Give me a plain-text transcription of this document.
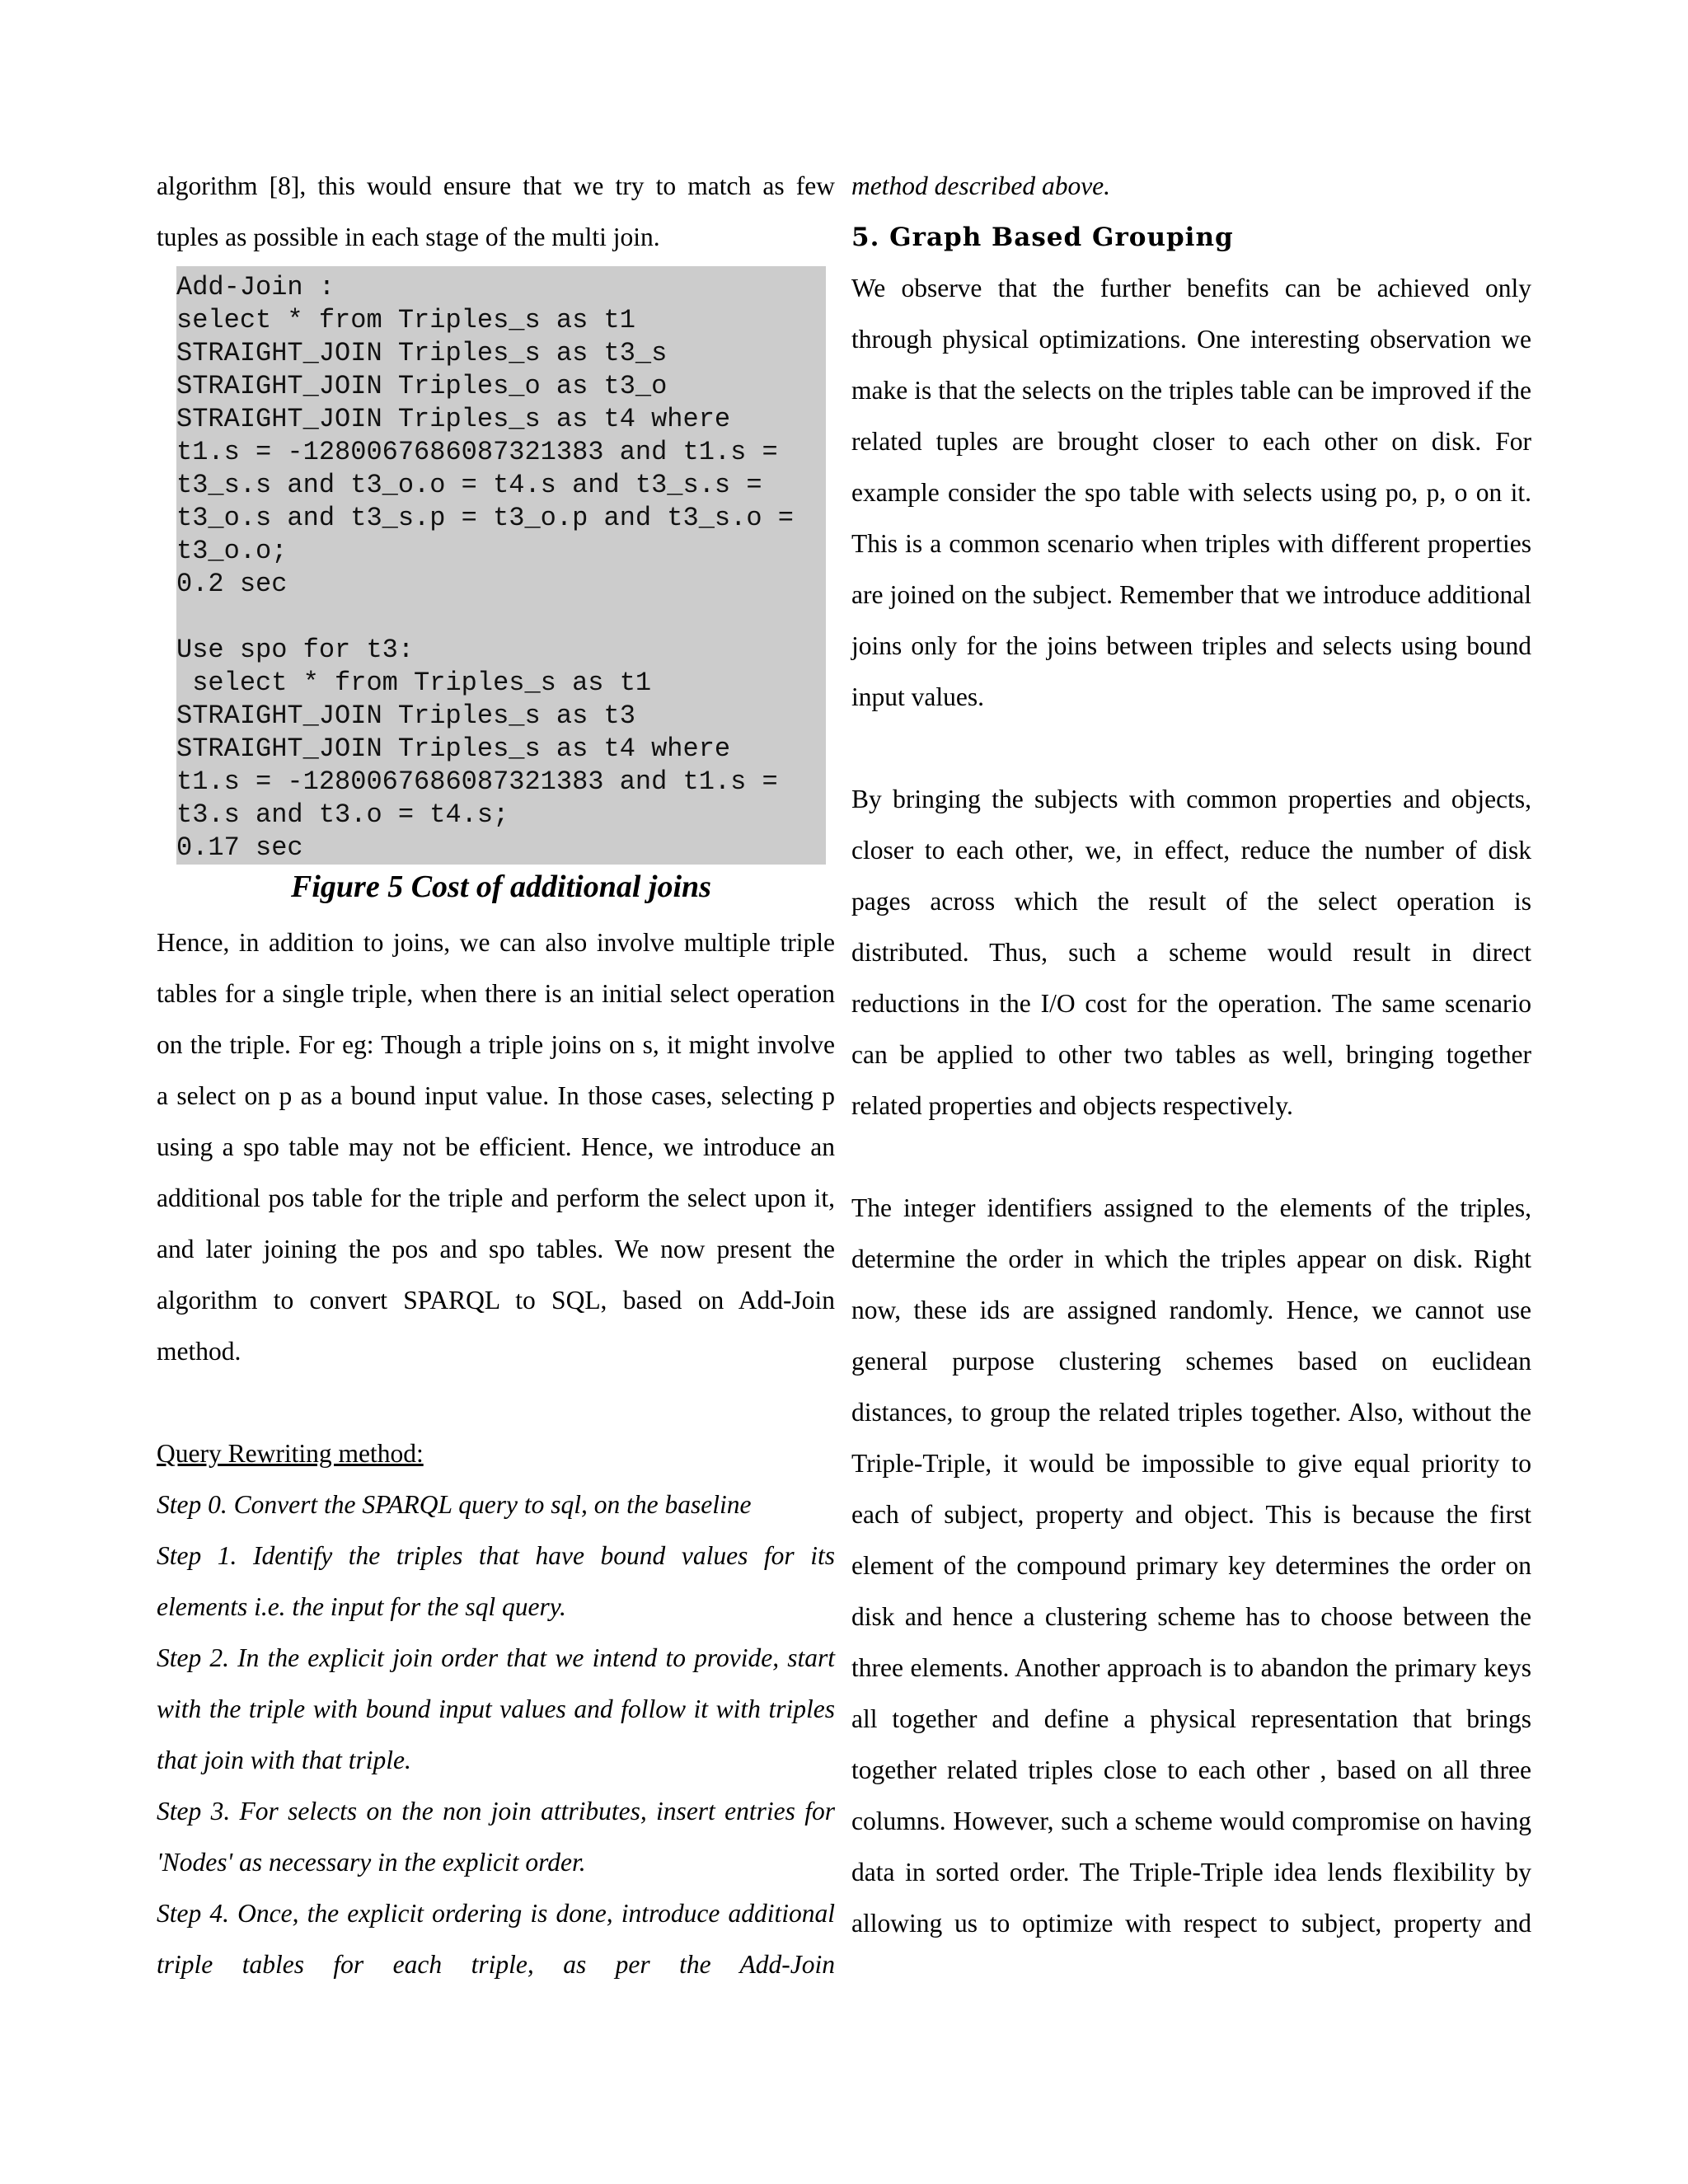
algorithm [8], this would ensure that we try to match as few tuples as possible in each stage of the multi join.

Add-Join :
select * from Triples_s as t1
STRAIGHT_JOIN Triples_s as t3_s
STRAIGHT_JOIN Triples_o as t3_o
STRAIGHT_JOIN Triples_s as t4 where
t1.s = -1280067686087321383 and t1.s =
t3_s.s and t3_o.o = t4.s and t3_s.s =
t3_o.s and t3_s.p = t3_o.p and t3_s.o =
t3_o.o;
0.2 sec
Use spo for t3:
select * from Triples_s as t1
STRAIGHT_JOIN Triples_s as t3
STRAIGHT_JOIN Triples_s as t4 where
t1.s = -1280067686087321383 and t1.s =
t3.s and t3.o = t4.s;
0.17 sec
Figure 5 Cost of additional joins

Hence, in addition to joins, we can also involve multiple triple tables for a single triple, when there is an initial select operation on the triple. For eg: Though a triple joins on s, it might involve a select on p as a bound input value. In those cases, selecting p using a spo table may not be efficient. Hence, we introduce an additional pos table for the triple and perform the select upon it, and later joining the pos and spo tables. We now present the algorithm to convert SPARQL to SQL, based on Add-Join method.

Query Rewriting method:

Step 0. Convert the SPARQL query to sql, on the baseline

Step 1. Identify the triples that have bound values for its elements i.e. the input for the sql query.

Step 2. In the explicit join order that we intend to provide, start with the triple with bound input values and follow it with triples that join with that triple.

Step 3. For selects on the non join attributes, insert entries for 'Nodes' as necessary in the explicit order.

Step 4. Once, the explicit ordering is done, introduce additional triple tables for each triple, as per the Add-Join

method described above.

5. Graph Based Grouping

We observe that the further benefits can be achieved only through physical optimizations. One interesting observation we make is that the selects on the triples table can be improved if the related tuples are brought closer to each other on disk. For example consider the spo table with selects using po, p, o on it. This is a common scenario when triples with different properties are joined on the subject. Remember that we introduce additional joins only for the joins between triples and selects using bound input values.

By bringing the subjects with common properties and objects, closer to each other, we, in effect, reduce the number of disk pages across which the result of the select operation is distributed. Thus, such a scheme would result in direct reductions in the I/O cost for the operation. The same scenario can be applied to other two tables as well, bringing together related properties and objects respectively.

The integer identifiers assigned to the elements of the triples, determine the order in which the triples appear on disk. Right now, these ids are assigned randomly. Hence, we cannot use general purpose clustering schemes based on euclidean distances, to group the related triples together. Also, without the Triple-Triple, it would be impossible to give equal priority to each of subject, property and object. This is because the first element of the compound primary key determines the order on disk and hence a clustering scheme has to choose between the three elements. Another approach is to abandon the primary keys all together and define a physical representation that brings together related triples close to each other , based on all three columns. However, such a scheme would compromise on having data in sorted order. The Triple-Triple idea lends flexibility by allowing us to optimize with respect to subject, property and
